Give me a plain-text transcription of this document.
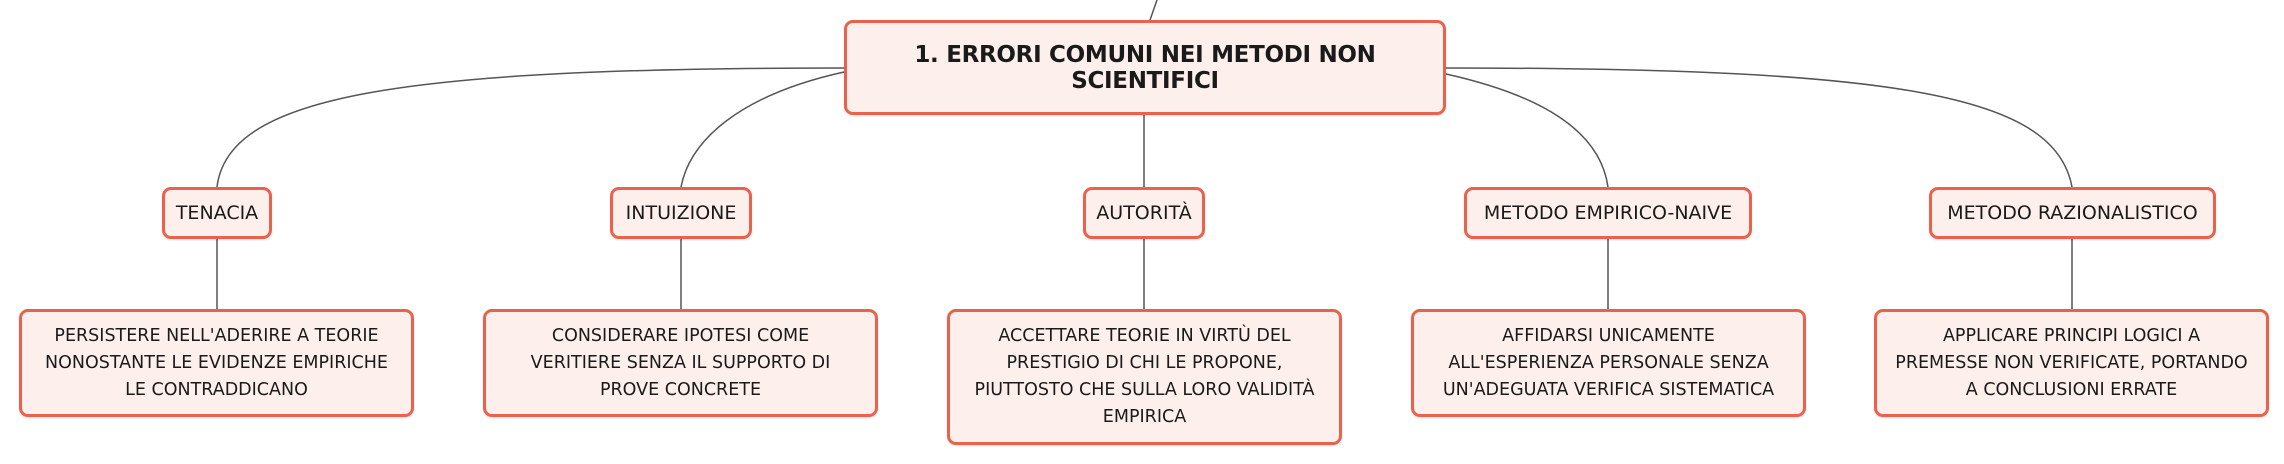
1. ERRORI COMUNI NEI METODI NON SCIENTIFICI
TENACIA	INTUIZIONE	AUTORITÀ	METODO EMPIRICO-NAIVE	METODO RAZIONALISTICO
PERSISTERE NELL'ADERIRE A TEORIE NONOSTANTE LE EVIDENZE EMPIRICHE LE CONTRADDICANO
CONSIDERARE IPOTESI COME VERITIERE SENZA IL SUPPORTO DI PROVE CONCRETE
ACCETTARE TEORIE IN VIRTÙ DEL PRESTIGIO DI CHI LE PROPONE, PIUTTOSTO CHE SULLA LORO VALIDITÀ EMPIRICA
AFFIDARSI UNICAMENTE ALL'ESPERIENZA PERSONALE SENZA UN'ADEGUATA VERIFICA SISTEMATICA
APPLICARE PRINCIPI LOGICI A PREMESSE NON VERIFICATE, PORTANDO A CONCLUSIONI ERRATE
